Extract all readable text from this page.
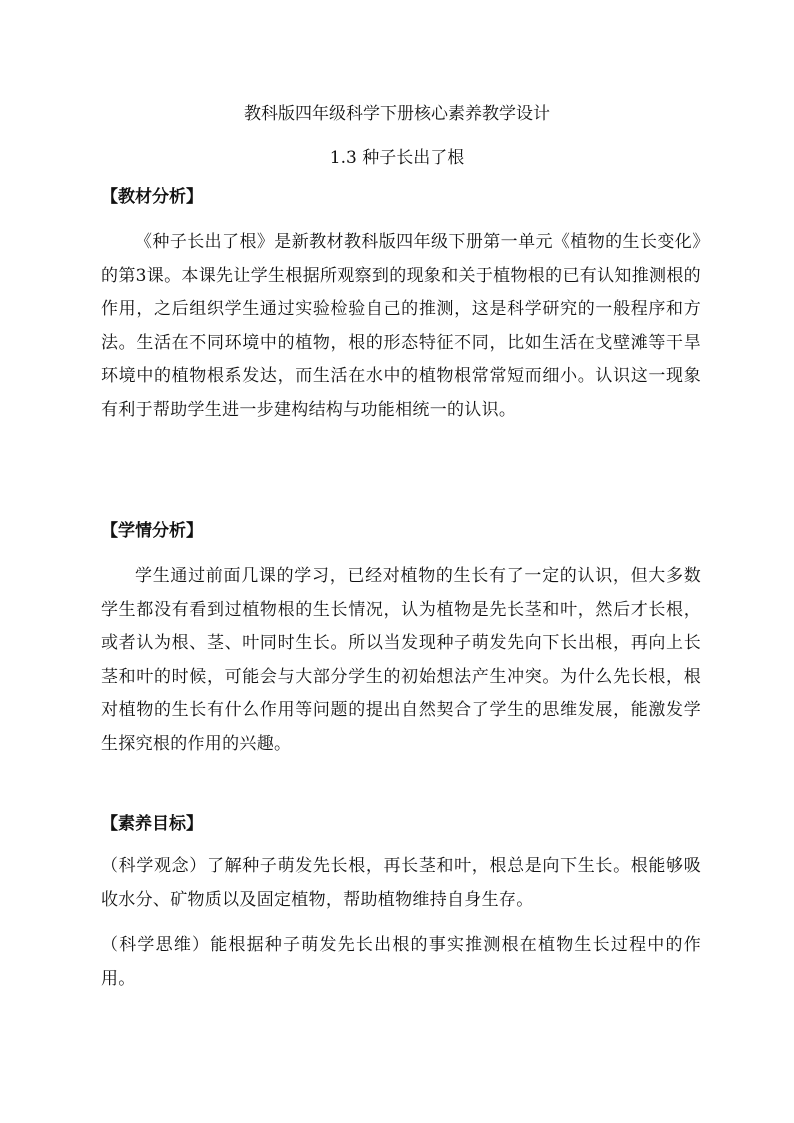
教科版四年级科学下册核心素养教学设计
1.3 种子长出了根
【教材分析】
《种子长出了根》是新教材教科版四年级下册第一单元《植物的生长变化》的第3课。本课先让学生根据所观察到的现象和关于植物根的已有认知推测根的作用，之后组织学生通过实验检验自己的推测，这是科学研究的一般程序和方法。生活在不同环境中的植物，根的形态特征不同，比如生活在戈壁滩等干旱环境中的植物根系发达，而生活在水中的植物根常常短而细小。认识这一现象有利于帮助学生进一步建构结构与功能相统一的认识。
【学情分析】
学生通过前面几课的学习，已经对植物的生长有了一定的认识，但大多数学生都没有看到过植物根的生长情况，认为植物是先长茎和叶，然后才长根，或者认为根、茎、叶同时生长。所以当发现种子萌发先向下长出根，再向上长茎和叶的时候，可能会与大部分学生的初始想法产生冲突。为什么先长根，根对植物的生长有什么作用等问题的提出自然契合了学生的思维发展，能激发学生探究根的作用的兴趣。
【素养目标】
（科学观念）了解种子萌发先长根，再长茎和叶，根总是向下生长。根能够吸收水分、矿物质以及固定植物，帮助植物维持自身生存。
（科学思维）能根据种子萌发先长出根的事实推测根在植物生长过程中的作用。
